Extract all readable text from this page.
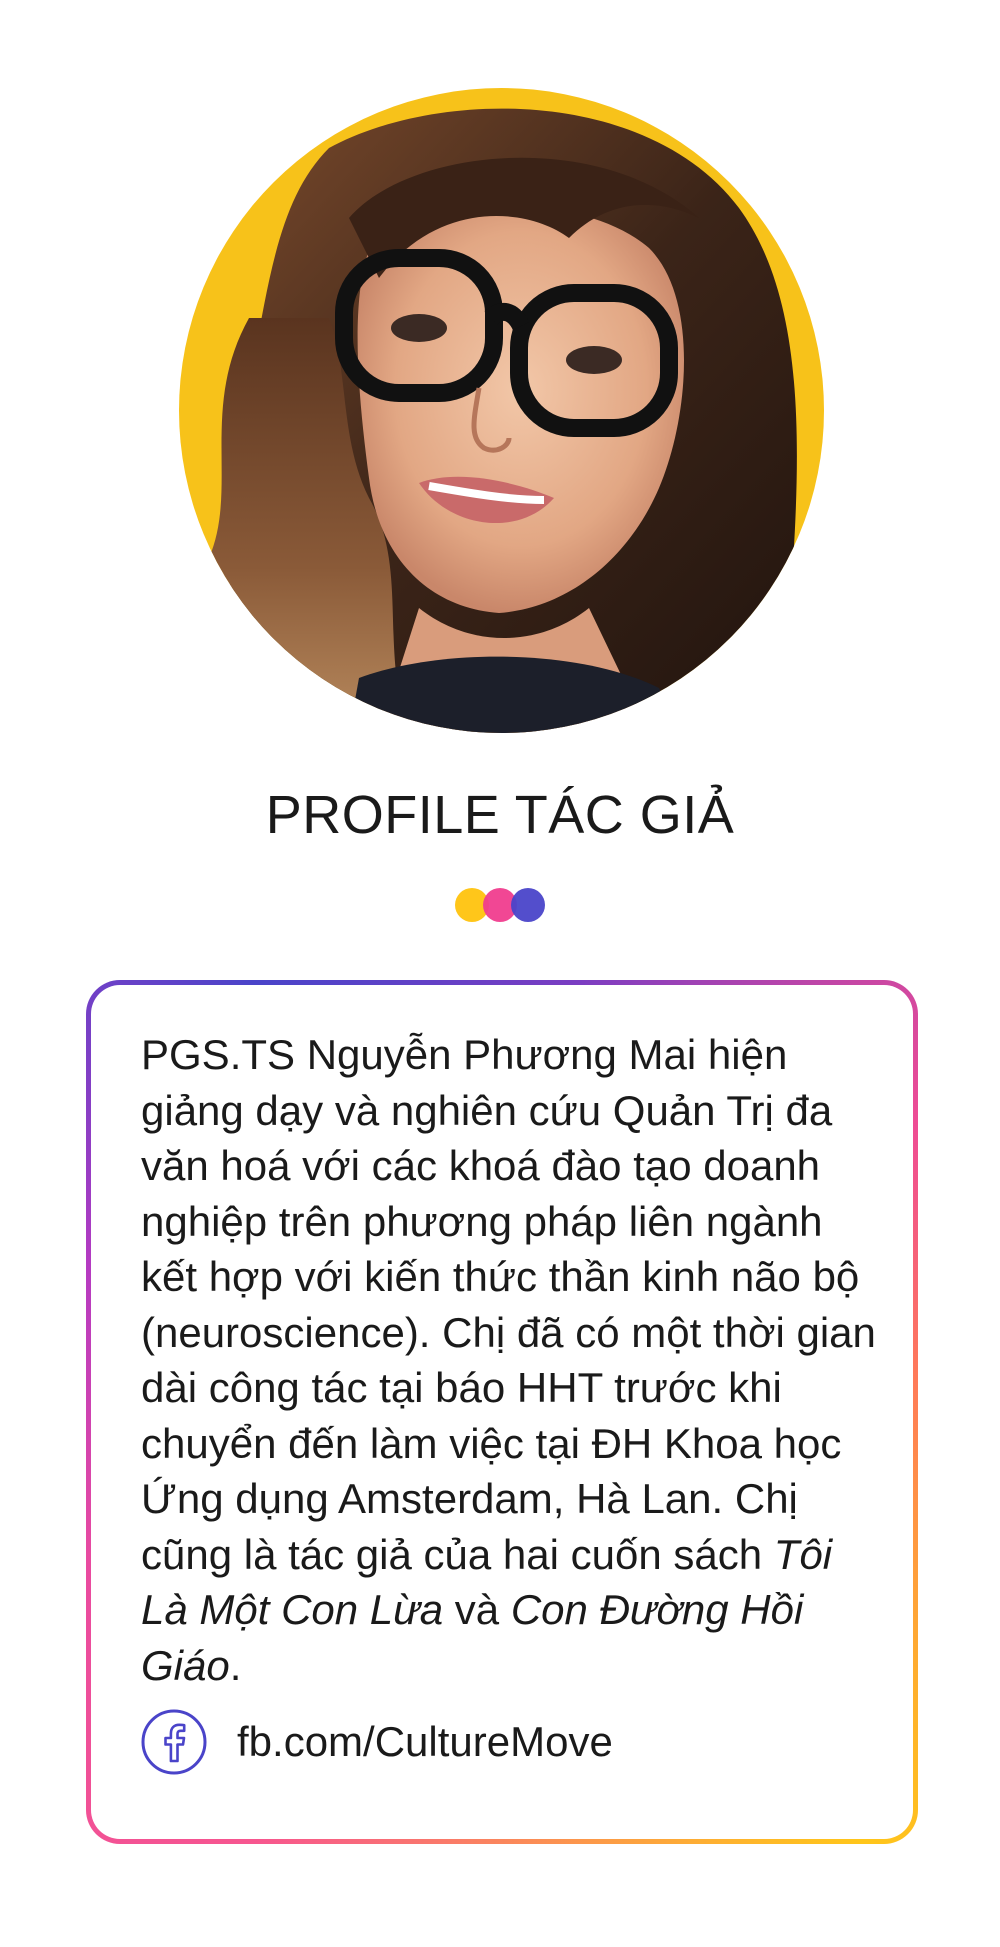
PROFILE TÁC GIẢ
PGS.TS Nguyễn Phương Mai hiện giảng dạy và nghiên cứu Quản Trị đa văn hoá với các khoá đào tạo doanh nghiệp trên phương pháp liên ngành kết hợp với kiến thức thần kinh não bộ (neuroscience). Chị đã có một thời gian dài công tác tại báo HHT trước khi chuyển đến làm việc tại ĐH Khoa học Ứng dụng Amsterdam, Hà Lan. Chị cũng là tác giả của hai cuốn sách Tôi Là Một Con Lừa và Con Đường Hồi Giáo.
fb.com/CultureMove
